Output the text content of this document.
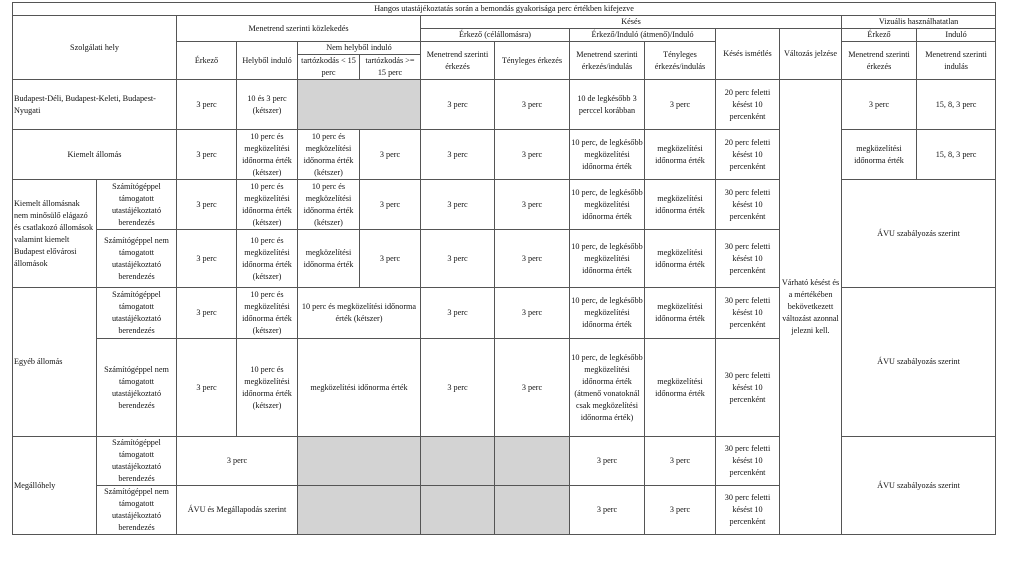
Hangos utastájékoztatás során a bemondás gyakorisága perc értékben kifejezve													
Szolgálati hely		Menetrend szerinti közlekedés				Késés						Vizuális használhatatlan	
						Érkező (célállomásra)		Érkező/Induló (átmenő)/Induló		Késés ismétlés	Változás jelzése	Érkező	Induló
		Érkező	Helyből induló	Nem helyből induló		Menetrend szerinti érkezés	Tényleges érkezés	Menetrend szerinti érkezés/indulás	Tényleges érkezés/indulás			Menetrend szerinti érkezés	Menetrend szerinti indulás
				tartózkodás < 15 perc	tartózkodás >= 15 perc								
Budapest-Déli, Budapest-Keleti, Budapest-Nyugati		3 perc	10 és 3 perc (kétszer)			3 perc	3 perc	10 de legkésőbb 3 perccel korábban	3 perc	20 perc feletti késést 10 percenként	Várható késést és a mértékében bekövetkezett változást azonnal jelezni kell.	3 perc	15, 8, 3 perc
Kiemelt állomás		3 perc	10 perc és megközelítési időnorma érték (kétszer)	10 perc és megközelítési időnorma érték (kétszer)	3 perc	3 perc	3 perc	10 perc, de legkésőbb megközelítési időnorma érték	megközelítési időnorma érték	20 perc feletti késést 10 percenként		megközelítési időnorma érték	15, 8, 3 perc
Kiemelt állomásnak nem minősülő elágazó és csatlakozó állomások valamint kiemelt Budapest elővárosi állomások	Számítógéppel támogatott utastájékoztató berendezés	3 perc	10 perc és megközelítési időnorma érték (kétszer)	10 perc és megközelítési időnorma érték (kétszer)	3 perc	3 perc	3 perc	10 perc, de legkésőbb megközelítési időnorma érték	megközelítési időnorma érték	30 perc feletti késést 10 percenként		ÁVU szabályozás szerint	
	Számítógéppel nem támogatott utastájékoztató berendezés	3 perc	10 perc és megközelítési időnorma érték (kétszer)	megközelítési időnorma érték	3 perc	3 perc	3 perc	10 perc, de legkésőbb megközelítési időnorma érték	megközelítési időnorma érték	30 perc feletti késést 10 percenként			
Egyéb állomás	Számítógéppel támogatott utastájékoztató berendezés	3 perc	10 perc és megközelítési időnorma érték (kétszer)	10 perc és megközelítési időnorma érték (kétszer)		3 perc	3 perc	10 perc, de legkésőbb megközelítési időnorma érték	megközelítési időnorma érték	30 perc feletti késést 10 percenként		ÁVU szabályozás szerint	
	Számítógéppel nem támogatott utastájékoztató berendezés	3 perc	10 perc és megközelítési időnorma érték (kétszer)	megközelítési időnorma érték		3 perc	3 perc	10 perc, de legkésőbb megközelítési időnorma érték (átmenő vonatoknál csak megközelítési időnorma érték)	megközelítési időnorma érték	30 perc feletti késést 10 percenként			
Megállóhely	Számítógéppel támogatott utastájékoztató berendezés	3 perc						3 perc	3 perc	30 perc feletti késést 10 percenként		ÁVU szabályozás szerint	
	Számítógéppel nem támogatott utastájékoztató berendezés	ÁVU és Megállapodás szerint						3 perc	3 perc	30 perc feletti késést 10 percenként			
